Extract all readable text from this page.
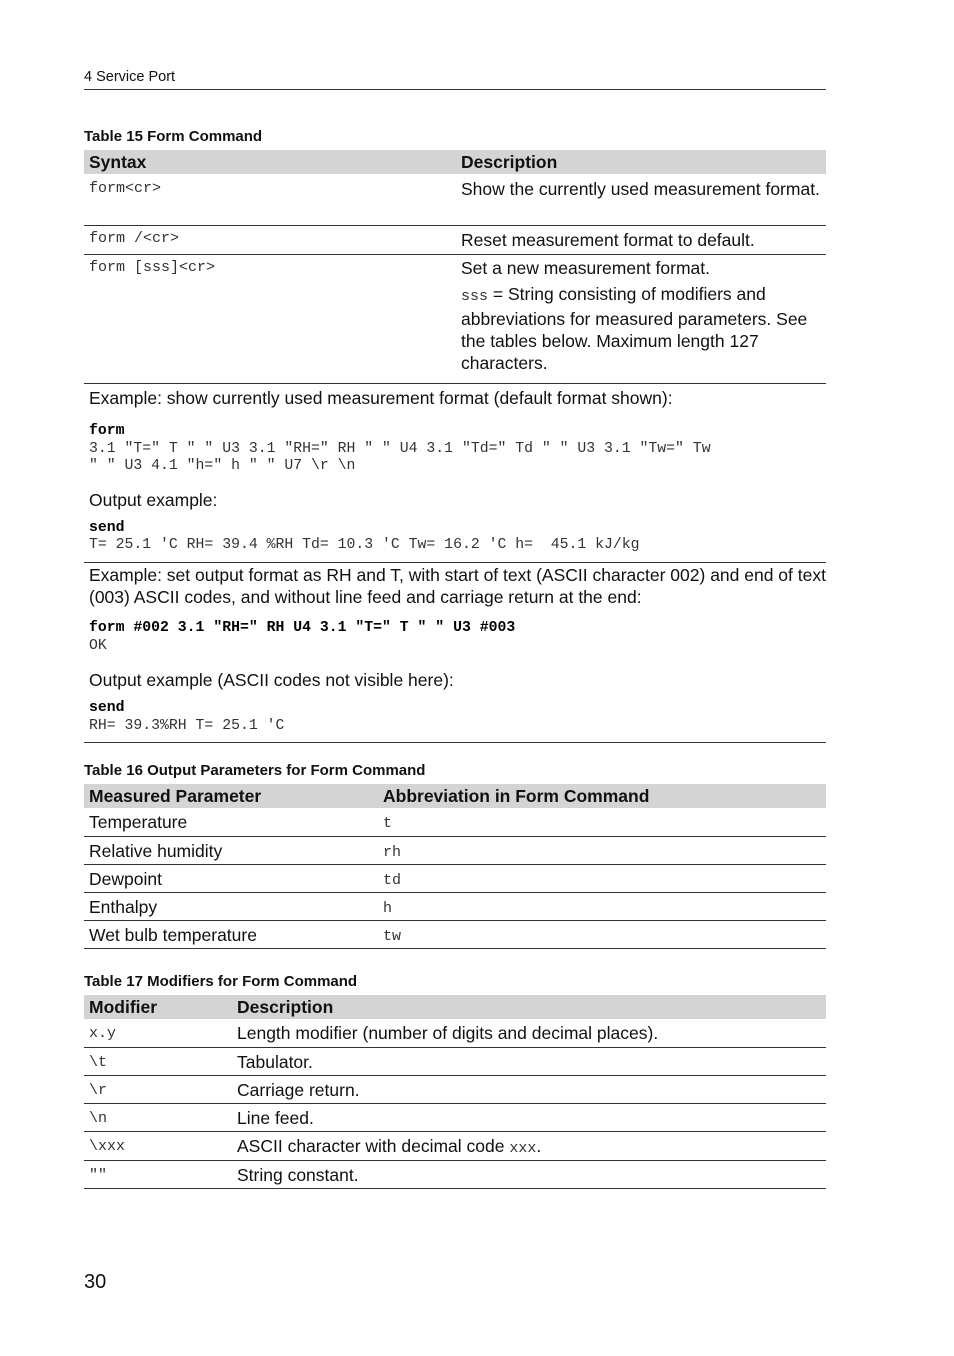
4 Service Port
Table 15 Form Command
Syntax	Description
form<cr>	Show the currently used measurement format.
form /<cr>	Reset measurement format to default.
form [sss]<cr>	Set a new measurement format.
sss = String consisting of modifiers and abbreviations for measured parameters. See the tables below. Maximum length 127 characters.
Example: show currently used measurement format (default format shown):
form
3.1 "T=" T " " U3 3.1 "RH=" RH " " U4 3.1 "Td=" Td " " U3 3.1 "Tw=" Tw
" " U3 4.1 "h=" h " " U7 \r \n
Output example:
send
T= 25.1 'C RH= 39.4 %RH Td= 10.3 'C Tw= 16.2 'C h=  45.1 kJ/kg
Example: set output format as RH and T, with start of text (ASCII character 002) and end of text (003) ASCII codes, and without line feed and carriage return at the end:
form #002 3.1 "RH=" RH U4 3.1 "T=" T " " U3 #003
OK
Output example (ASCII codes not visible here):
send
RH= 39.3%RH T= 25.1 'C
Table 16 Output Parameters for Form Command
Measured Parameter	Abbreviation in Form Command
Temperature	t
Relative humidity	rh
Dewpoint	td
Enthalpy	h
Wet bulb temperature	tw
Table 17 Modifiers for Form Command
Modifier	Description
x.y	Length modifier (number of digits and decimal places).
\t	Tabulator.
\r	Carriage return.
\n	Line feed.
\xxx	ASCII character with decimal code xxx.
""	String constant.
30
